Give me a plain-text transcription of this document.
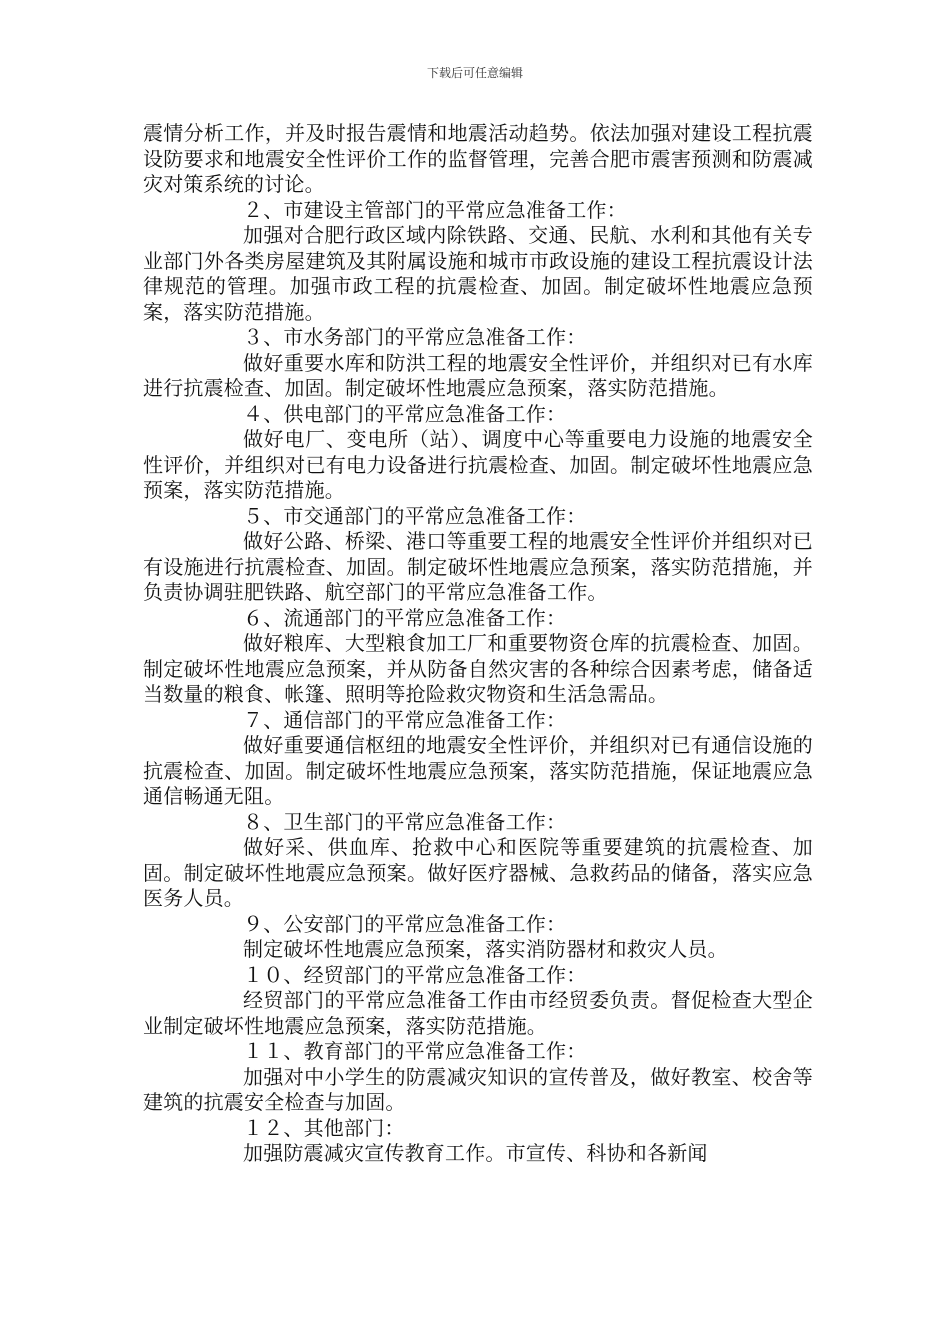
下载后可任意编辑

震情分析工作，并及时报告震情和地震活动趋势。依法加强对建设工程抗震设防要求和地震安全性评价工作的监督管理，完善合肥市震害预测和防震减灾对策系统的讨论。

２、市建设主管部门的平常应急准备工作：

加强对合肥行政区域内除铁路、交通、民航、水利和其他有关专业部门外各类房屋建筑及其附属设施和城市市政设施的建设工程抗震设计法律规范的管理。加强市政工程的抗震检查、加固。制定破坏性地震应急预案，落实防范措施。

３、市水务部门的平常应急准备工作：

做好重要水库和防洪工程的地震安全性评价，并组织对已有水库进行抗震检查、加固。制定破坏性地震应急预案，落实防范措施。

４、供电部门的平常应急准备工作：

做好电厂、变电所（站）、调度中心等重要电力设施的地震安全性评价，并组织对已有电力设备进行抗震检查、加固。制定破坏性地震应急预案，落实防范措施。

５、市交通部门的平常应急准备工作：

做好公路、桥梁、港口等重要工程的地震安全性评价并组织对已有设施进行抗震检查、加固。制定破坏性地震应急预案，落实防范措施，并负责协调驻肥铁路、航空部门的平常应急准备工作。

６、流通部门的平常应急准备工作：

做好粮库、大型粮食加工厂和重要物资仓库的抗震检查、加固。制定破坏性地震应急预案，并从防备自然灾害的各种综合因素考虑，储备适当数量的粮食、帐篷、照明等抢险救灾物资和生活急需品。

７、通信部门的平常应急准备工作：

做好重要通信枢纽的地震安全性评价，并组织对已有通信设施的抗震检查、加固。制定破坏性地震应急预案，落实防范措施，保证地震应急通信畅通无阻。

８、卫生部门的平常应急准备工作：

做好采、供血库、抢救中心和医院等重要建筑的抗震检查、加固。制定破坏性地震应急预案。做好医疗器械、急救药品的储备，落实应急医务人员。

９、公安部门的平常应急准备工作：

制定破坏性地震应急预案，落实消防器材和救灾人员。

１０、经贸部门的平常应急准备工作：

经贸部门的平常应急准备工作由市经贸委负责。督促检查大型企业制定破坏性地震应急预案，落实防范措施。

１１、教育部门的平常应急准备工作：

加强对中小学生的防震减灾知识的宣传普及，做好教室、校舍等建筑的抗震安全检查与加固。

１２、其他部门：

加强防震减灾宣传教育工作。市宣传、科协和各新闻
